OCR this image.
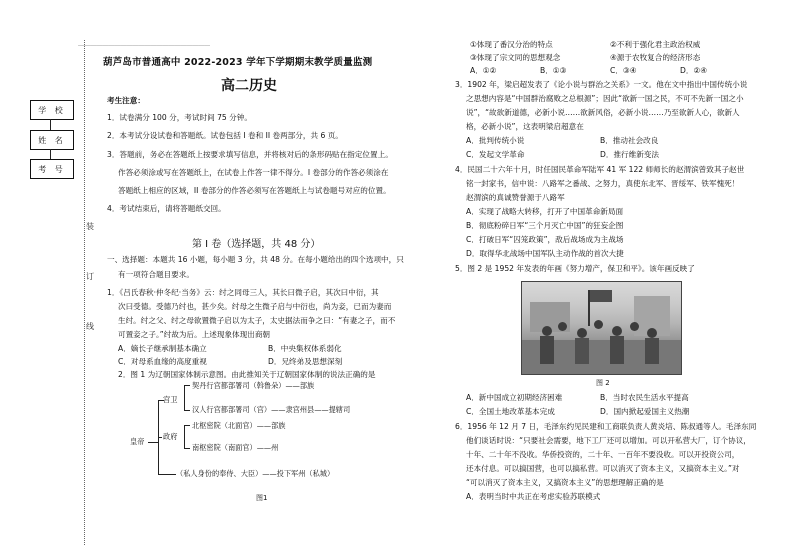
…………………………………………………………
学 校
姓 名
考 号
装
订
线
葫芦岛市普通高中 2022-2023 学年下学期期末教学质量监测
高二历史
考生注意：
1．试卷满分 100 分，考试时间 75 分钟。
2．本考试分设试卷和答题纸。试卷包括 I 卷和 II 卷两部分，共 6 页。
3．答题前，务必在答题纸上按要求填写信息，并将核对后的条形码贴在指定位置上。
作答必须涂或写在答题纸上，在试卷上作答一律不得分。I 卷部分的作答必须涂在
答题纸上相应的区域，II 卷部分的作答必须写在答题纸上与试卷题号对应的位置。
4．考试结束后，请将答题纸交回。
第 I 卷（选择题，共 48 分）
一、选择题：本题共 16 小题，每小题 3 分，共 48 分。在每小题给出的四个选项中，只
有一项符合题目要求。
1．《吕氏春秋·仲冬纪·当务》云：纣之同母三人，其长曰微子启，其次曰中衍，其
次曰受德。受德乃纣也，甚少矣。纣母之生微子启与中衍也，尚为妾，已而为妻而
生纣。纣之父、纣之母欲置微子启以为太子，太史据法而争之曰：“有妻之子，而不
可置妾之子。”纣故为后。上述现象体现出商朝
A．嫡长子继承制基本确立	B．中央集权体系弱化
C．对母系血缘的高度重视	D．兄终弟及思想深刻
2．图 1 为辽朝国家体制示意图。由此推知关于辽朝国家体制的说法正确的是
皇帝
宫卫
契丹行宫都部署司（斡鲁朵）——部族
汉人行宫都部署司（宫）——隶宫州县——提辖司
政府
北枢密院（北面官）——部族
南枢密院（南面官）——州
（私人身份的奉侍、大臣）——投下军州（私城）
图1
①体现了番汉分治的特点	②不利于强化君主政治权威
③体现了宗文同的思想观念	④源于农牧复合的经济形态
A．①②	B．①③	C．③④	D．②④
3．1902 年，梁启超发表了《论小说与群治之关系》一文。他在文中指出中国传统小说
之思想内容是“中国群治腐败之总根源”；因此“欲新一国之民，不可不先新一国之小
说”，“故欲新道德，必新小说……欲新风俗，必新小说……乃至欲新人心，欲新人
格，必新小说”，这表明梁启超意在
A．批判传统小说	B．推动社会改良
C．发起文学革命	D．推行维新变法
4．民国二十六年十月，时任国民革命军陆军 41 军 122 师师长的赵渭滨曾致其子赵世
铭一封家书，信中说：八路军之番战、之努力，真使东北军、晋绥军、铁军愧死！
赵渭滨的真诚赞誉源于八路军
A．实现了战略大转移，打开了中国革命新局面
B．彻底粉碎日军“三个月灭亡中国”的狂妄企图
C．打破日军“囚笼政策”，敌后战场成为主战场
D．取得华北战场中国军队主动作战的首次大捷
5．图 2 是 1952 年发表的年画《努力增产，保卫和平》。该年画反映了
图 2
A．新中国成立初期经济困难	B．当时农民生活水平提高
C．全国土地改革基本完成	D．国内掀起爱国主义热潮
6．1956 年 12 月 7 日，毛泽东约见民建和工商联负责人黄炎培、陈叔通等人。毛泽东同
他们谈话时说：“只要社会需要，地下工厂还可以增加。可以开私营大厂，订个协议，
十年、二十年不没收。华侨投资的，二十年、一百年不要没收。可以开投资公司，
还本付息。可以搞国营，也可以搞私营。可以消灭了资本主义，又搞资本主义。”对
“可以消灭了资本主义，又搞资本主义”的思想理解正确的是
A．表明当时中共正在考虑实验苏联模式
